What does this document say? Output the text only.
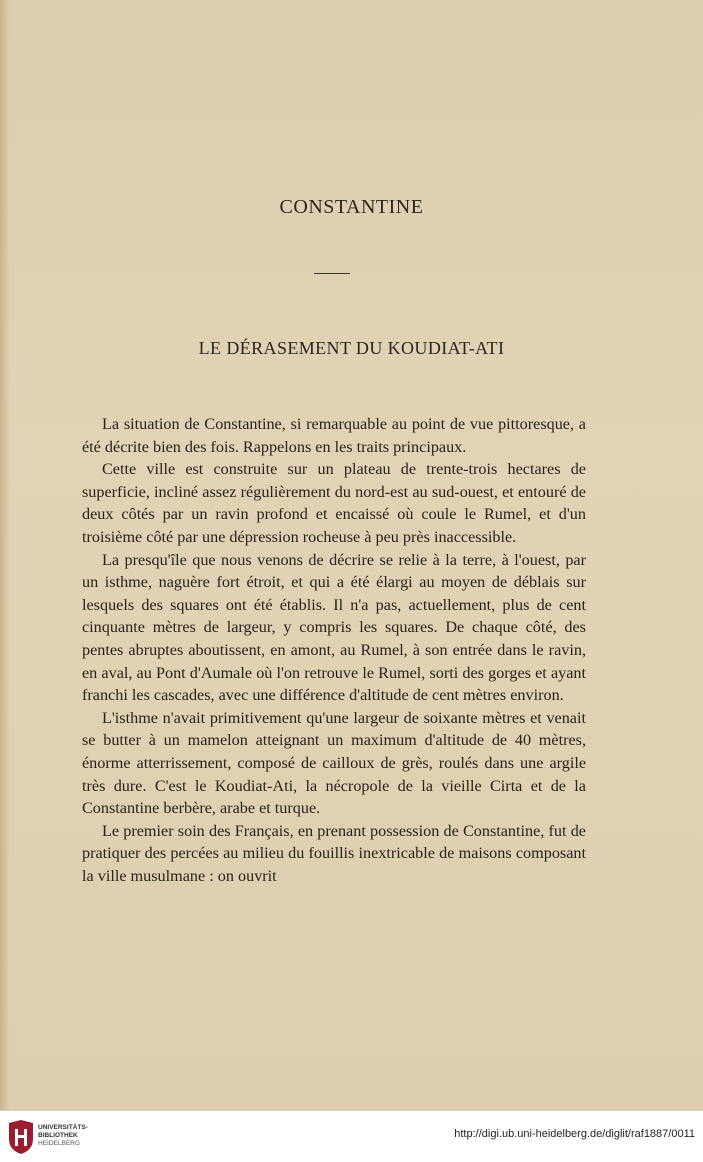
CONSTANTINE
LE DÉRASEMENT DU KOUDIAT-ATI

La situation de Constantine, si remarquable au point de vue pittoresque, a été décrite bien des fois. Rappelons en les traits principaux.

Cette ville est construite sur un plateau de trente-trois hectares de superficie, incliné assez régulièrement du nord-est au sud-ouest, et entouré de deux côtés par un ravin profond et encaissé où coule le Rumel, et d'un troisième côté par une dépression rocheuse à peu près inaccessible.

La presqu'île que nous venons de décrire se relie à la terre, à l'ouest, par un isthme, naguère fort étroit, et qui a été élargi au moyen de déblais sur lesquels des squares ont été établis. Il n'a pas, actuellement, plus de cent cinquante mètres de largeur, y compris les squares. De chaque côté, des pentes abruptes aboutissent, en amont, au Rumel, à son entrée dans le ravin, en aval, au Pont d'Aumale où l'on retrouve le Rumel, sorti des gorges et ayant franchi les cascades, avec une différence d'altitude de cent mètres environ.

L'isthme n'avait primitivement qu'une largeur de soixante mètres et venait se butter à un mamelon atteignant un maximum d'altitude de 40 mètres, énorme atterrissement, composé de cailloux de grès, roulés dans une argile très dure. C'est le Koudiat-Ati, la nécropole de la vieille Cirta et de la Constantine berbère, arabe et turque.

Le premier soin des Français, en prenant possession de Constantine, fut de pratiquer des percées au milieu du fouillis inextricable de maisons composant la ville musulmane : on ouvrit

UNIVERSITÄTS-
BIBLIOTHEK
HEIDELBERG
http://digi.ub.uni-heidelberg.de/diglit/raf1887/0011
